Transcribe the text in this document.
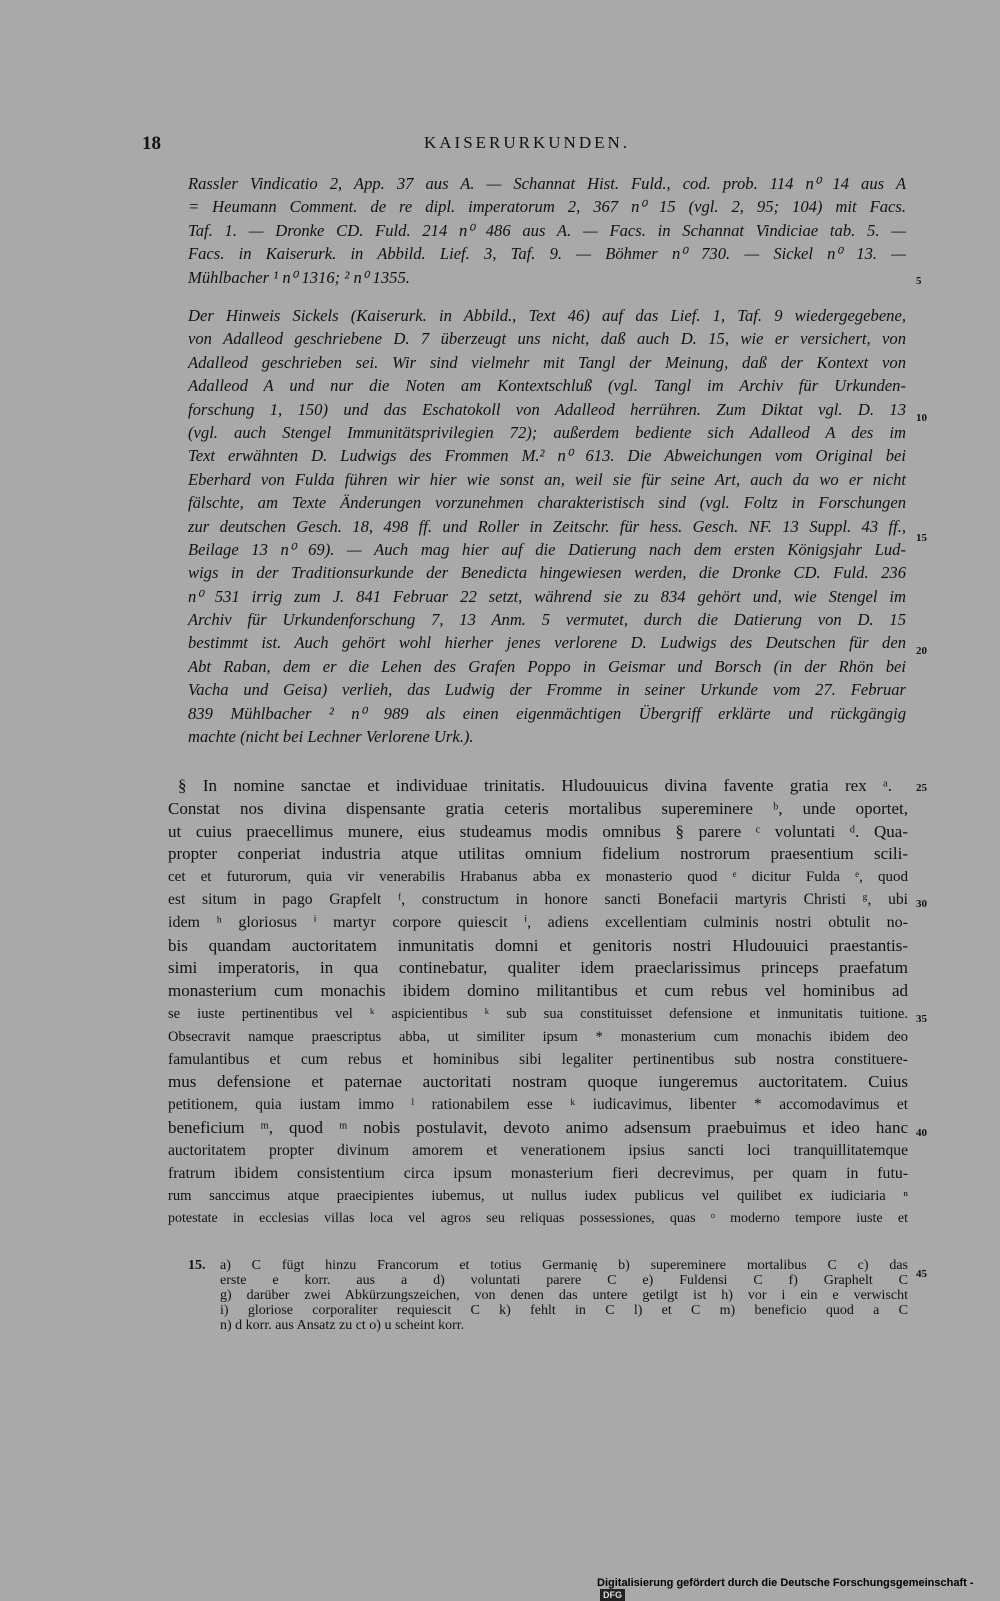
18	KAISERURKUNDEN.
Rassler Vindicatio 2, App. 37 aus A. — Schannat Hist. Fuld., cod. prob. 114 n⁰ 14 aus A
= Heumann Comment. de re dipl. imperatorum 2, 367 n⁰ 15 (vgl. 2, 95; 104) mit Facs.
Taf. 1. — Dronke CD. Fuld. 214 n⁰ 486 aus A. — Facs. in Schannat Vindiciae tab. 5. —
Facs. in Kaiserurk. in Abbild. Lief. 3, Taf. 9. — Böhmer n⁰ 730. — Sickel n⁰ 13. —
Mühlbacher ¹ n⁰ 1316; ² n⁰ 1355.
Der Hinweis Sickels (Kaiserurk. in Abbild., Text 46) auf das Lief. 1, Taf. 9 wiedergegebene,
von Adalleod geschriebene D. 7 überzeugt uns nicht, daß auch D. 15, wie er versichert, von
Adalleod geschrieben sei. Wir sind vielmehr mit Tangl der Meinung, daß der Kontext von
Adalleod A und nur die Noten am Kontextschluß (vgl. Tangl im Archiv für Urkunden-
forschung 1, 150) und das Eschatokoll von Adalleod herrühren. Zum Diktat vgl. D. 13
(vgl. auch Stengel Immunitätsprivilegien 72); außerdem bediente sich Adalleod A des im
Text erwähnten D. Ludwigs des Frommen M.² n⁰ 613. Die Abweichungen vom Original bei
Eberhard von Fulda führen wir hier wie sonst an, weil sie für seine Art, auch da wo er nicht
fälschte, am Texte Änderungen vorzunehmen charakteristisch sind (vgl. Foltz in Forschungen
zur deutschen Gesch. 18, 498 ff. und Roller in Zeitschr. für hess. Gesch. NF. 13 Suppl. 43 ff.,
Beilage 13 n⁰ 69). — Auch mag hier auf die Datierung nach dem ersten Königsjahr Lud-
wigs in der Traditionsurkunde der Benedicta hingewiesen werden, die Dronke CD. Fuld. 236
n⁰ 531 irrig zum J. 841 Februar 22 setzt, während sie zu 834 gehört und, wie Stengel im
Archiv für Urkundenforschung 7, 13 Anm. 5 vermutet, durch die Datierung von D. 15
bestimmt ist. Auch gehört wohl hierher jenes verlorene D. Ludwigs des Deutschen für den
Abt Raban, dem er die Lehen des Grafen Poppo in Geismar und Borsch (in der Rhön bei
Vacha und Geisa) verlieh, das Ludwig der Fromme in seiner Urkunde vom 27. Februar
839 Mühlbacher ² n⁰ 989 als einen eigenmächtigen Übergriff erklärte und rückgängig
machte (nicht bei Lechner Verlorene Urk.).
§ In nomine sanctae et individuae trinitatis. Hludouuicus divina favente gratia rex ᵃ.
Constat nos divina dispensante gratia ceteris mortalibus supereminere ᵇ, unde oportet,
ut cuius praecellimus munere, eius studeamus modis omnibus § parere ᶜ voluntati ᵈ. Qua-
propter conperiat industria atque utilitas omnium fidelium nostrorum praesentium scili-
cet et futurorum, quia vir venerabilis Hrabanus abba ex monasterio quod ᵉ dicitur Fulda ᵉ, quod
est situm in pago Grapfelt ᶠ, constructum in honore sancti Bonefacii martyris Christi ᵍ, ubi
idem ʰ gloriosus ⁱ martyr corpore quiescit ⁱ, adiens excellentiam culminis nostri obtulit no-
bis quandam auctoritatem inmunitatis domni et genitoris nostri Hludouuici praestantis-
simi imperatoris, in qua continebatur, qualiter idem praeclarissimus princeps praefatum
monasterium cum monachis ibidem domino militantibus et cum rebus vel hominibus ad
se iuste pertinentibus vel ᵏ aspicientibus ᵏ sub sua constituisset defensione et inmunitatis tuitione.
Obsecravit namque praescriptus abba, ut similiter ipsum * monasterium cum monachis ibidem deo
famulantibus et cum rebus et hominibus sibi legaliter pertinentibus sub nostra constituere-
mus defensione et paternae auctoritati nostram quoque iungeremus auctoritatem. Cuius
petitionem, quia iustam immo ˡ rationabilem esse ᵏ iudicavimus, libenter * accomodavimus et
beneficium ᵐ, quod ᵐ nobis postulavit, devoto animo adsensum praebuimus et ideo hanc
auctoritatem propter divinum amorem et venerationem ipsius sancti loci tranquillitatemque
fratrum ibidem consistentium circa ipsum monasterium fieri decrevimus, per quam in futu-
rum sanccimus atque praecipientes iubemus, ut nullus iudex publicus vel quilibet ex iudiciaria ⁿ
potestate in ecclesias villas loca vel agros seu reliquas possessiones, quas ᵒ moderno tempore iuste et
15. a) C fügt hinzu Francorum et totius Germanię b) supereminere mortalibus C c) das
erste e korr. aus a d) voluntati parere C e) Fuldensi C f) Graphelt C
g) darüber zwei Abkürzungszeichen, von denen das untere getilgt ist h) vor i ein e verwischt
i) gloriose corporaliter requiescit C k) fehlt in C l) et C m) beneficio quod a C
n) d korr. aus Ansatz zu ct o) u scheint korr.
5
10
15
20
25
30
35
40
45
Digitalisierung gefördert durch die Deutsche Forschungsgemeinschaft - DFG
